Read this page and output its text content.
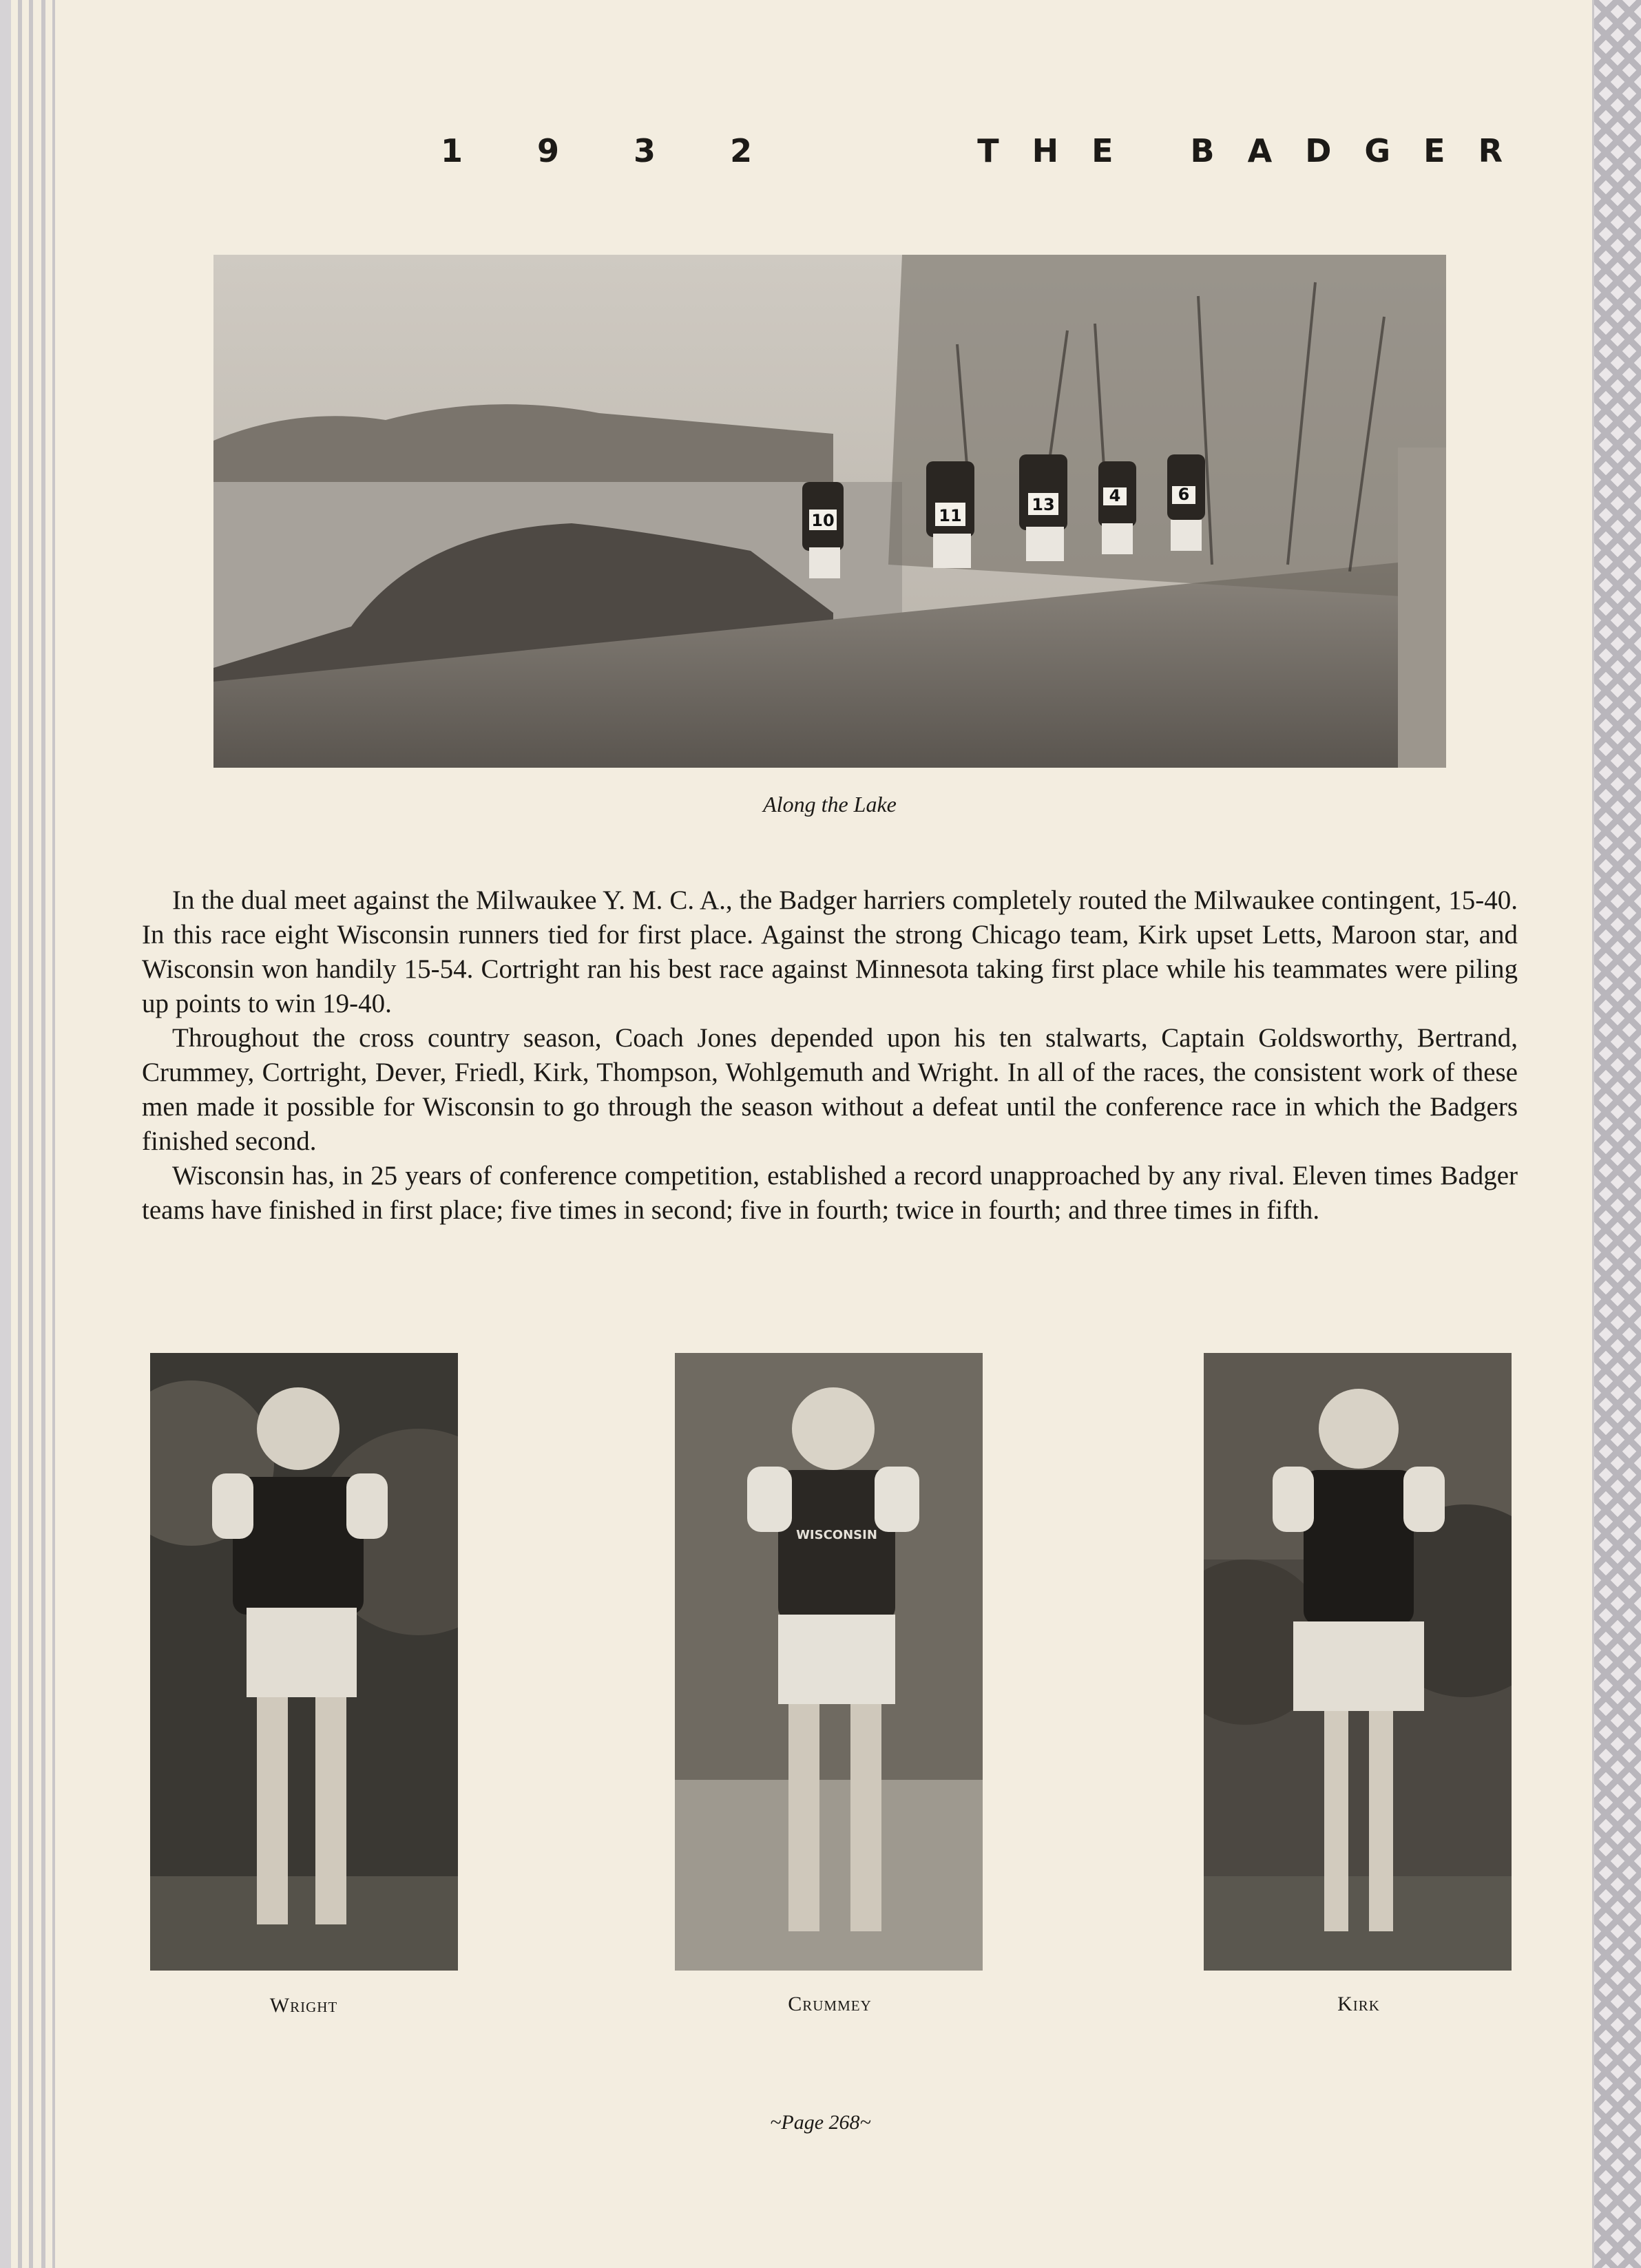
1 9 3 2	THE BADGER
10	11
13	4	6
Along the Lake

In the dual meet against the Milwaukee Y. M. C. A., the Badger harriers completely routed the Milwaukee contingent, 15-40. In this race eight Wisconsin runners tied for first place. Against the strong Chicago team, Kirk upset Letts, Maroon star, and Wisconsin won handily 15-54. Cortright ran his best race against Minnesota taking first place while his teammates were piling up points to win 19-40.

Throughout the cross country season, Coach Jones depended upon his ten stalwarts, Captain Goldsworthy, Bertrand, Crummey, Cortright, Dever, Friedl, Kirk, Thompson, Wohlgemuth and Wright. In all of the races, the consistent work of these men made it possible for Wisconsin to go through the season without a defeat until the conference race in which the Badgers finished second.

Wisconsin has, in 25 years of conference competition, established a record unapproached by any rival. Eleven times Badger teams have finished in first place; five times in second; five in fourth; twice in fourth; and three times in fifth.

WISCONSIN
Wright	Crummey	Kirk
~Page 268~
